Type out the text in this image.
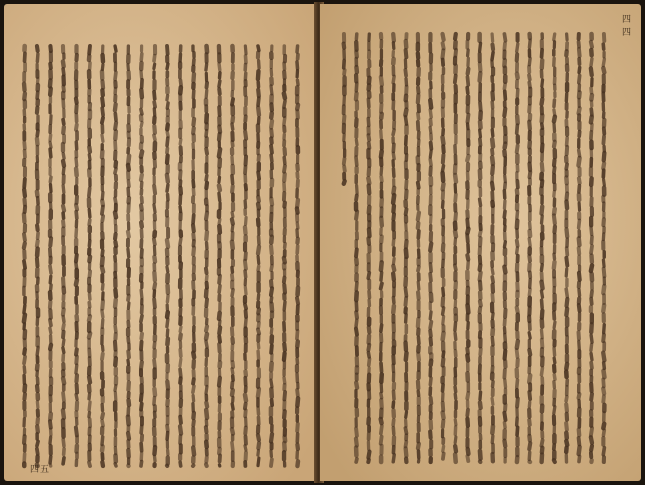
四五
四四
